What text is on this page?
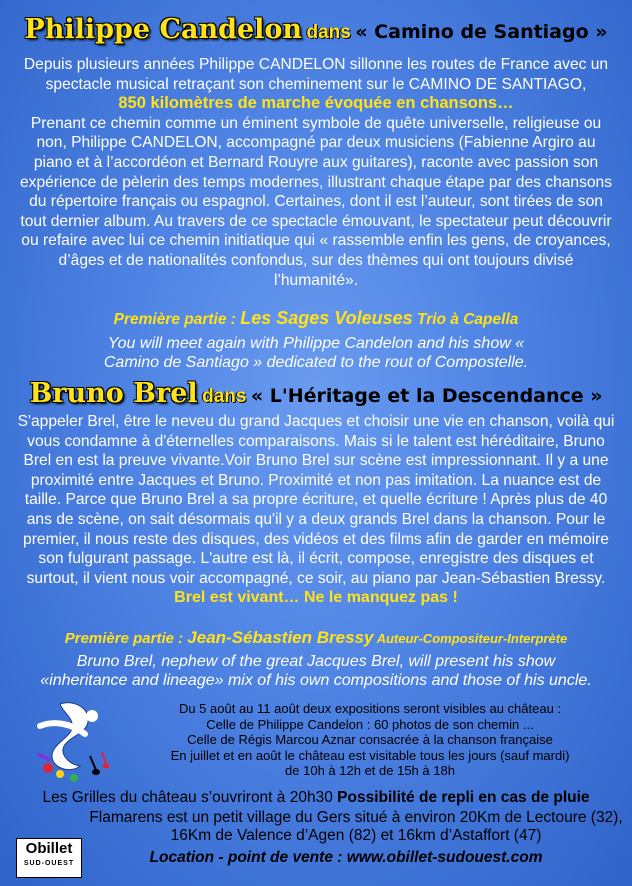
Philippe Candelon dans « Camino de Santiago »
Depuis plusieurs années Philippe CANDELON sillonne les routes de France avec un spectacle musical retraçant son cheminement sur le CAMINO DE SANTIAGO,
850 kilomètres de marche évoquée en chansons…
Prenant ce chemin comme un éminent symbole de quête universelle, religieuse ou non, Philippe CANDELON, accompagné par deux musiciens (Fabienne Argiro au piano et à l’accordéon et Bernard Rouyre aux guitares), raconte avec passion son expérience de pèlerin des temps modernes, illustrant chaque étape par des chansons du répertoire français ou espagnol. Certaines, dont il est l’auteur, sont tirées de son tout dernier album. Au travers de ce spectacle émouvant, le spectateur peut découvrir ou refaire avec lui ce chemin initiatique qui « rassemble enfin les gens, de croyances, d’âges et de nationalités confondus, sur des thèmes qui ont toujours divisé l’humanité».
Première partie : Les Sages Voleuses Trio à Capella
You will meet again with Philippe Candelon and his show « Camino de Santiago » dedicated to the rout of Compostelle.
Bruno Brel dans « L'Héritage et la Descendance »
S'appeler Brel, être le neveu du grand Jacques et choisir une vie en chanson, voilà qui vous condamne à d'éternelles comparaisons. Mais si le talent est héréditaire, Bruno Brel en est la preuve vivante.Voir Bruno Brel sur scène est impressionnant. Il y a une proximité entre Jacques et Bruno. Proximité et non pas imitation. La nuance est de taille. Parce que Bruno Brel a sa propre écriture, et quelle écriture ! Après plus de 40 ans de scène, on sait désormais qu'il y a deux grands Brel dans la chanson. Pour le premier, il nous reste des disques, des vidéos et des films afin de garder en mémoire son fulgurant passage. L'autre est là, il écrit, compose, enregistre des disques et surtout, il vient nous voir accompagné, ce soir, au piano par Jean-Sébastien Bressy. Brel est vivant… Ne le manquez pas !
Première partie : Jean-Sébastien Bressy Auteur-Compositeur-Interprète
Bruno Brel, nephew of the great Jacques Brel, will present his show «inheritance and lineage» mix of his own compositions and those of his uncle.
Du 5 août au 11 août deux expositions seront visibles au château :
Celle de Philippe Candelon : 60 photos de son chemin ...
Celle de Régis Marcou Aznar consacrée à la chanson française
En juillet et en août le château est visitable tous les jours (sauf mardi)
de 10h à 12h et de 15h à 18h
Les Grilles du château s’ouvriront à 20h30 Possibilité de repli en cas de pluie
Flamarens est un petit village du Gers situé à environ 20Km de Lectoure (32), 16Km de Valence d’Agen (82) et 16km d’Astaffort (47)
Location - point de vente : www.obillet-sudouest.com
Obillet
SUD-OUEST
